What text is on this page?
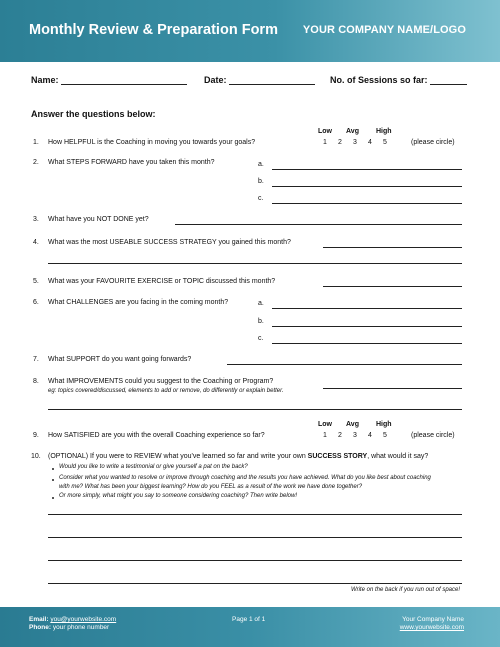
Monthly Review & Preparation Form YOUR COMPANY NAME/LOGO
Name:	Date:	No. of Sessions so far:
Answer the questions below:
Low Avg High
1. How HELPFUL is the Coaching in moving you towards your goals?	1 2 3 4 5	(please circle)
2. What STEPS FORWARD have you taken this month?	a.
b.
c.
3. What have you NOT DONE yet?
4. What was the most USEABLE SUCCESS STRATEGY you gained this month?
5. What was your FAVOURITE EXERCISE or TOPIC discussed this month?
6. What CHALLENGES are you facing in the coming month?	a.
b.
c.
7. What SUPPORT do you want going forwards?
8. What IMPROVEMENTS could you suggest to the Coaching or Program?
eg: topics covered/discussed, elements to add or remove, do differently or explain better.
Low Avg High
9. How SATISFIED are you with the overall Coaching experience so far?	1 2 3 4 5	(please circle)
10. (OPTIONAL) If you were to REVIEW what you've learned so far and write your own SUCCESS STORY, what would it say?
Would you like to write a testimonial or give yourself a pat on the back?
Consider what you wanted to resolve or improve through coaching and the results you have achieved. What do you like best about coaching
with me? What has been your biggest learning? How do you FEEL as a result of the work we have done together?
Or more simply, what might you say to someone considering coaching? Then write below!
Write on the back if you run out of space!
Email: you@yourwebsite.com
Phone: your phone number
Page 1 of 1	Your Company Name
www.yourwebsite.com
